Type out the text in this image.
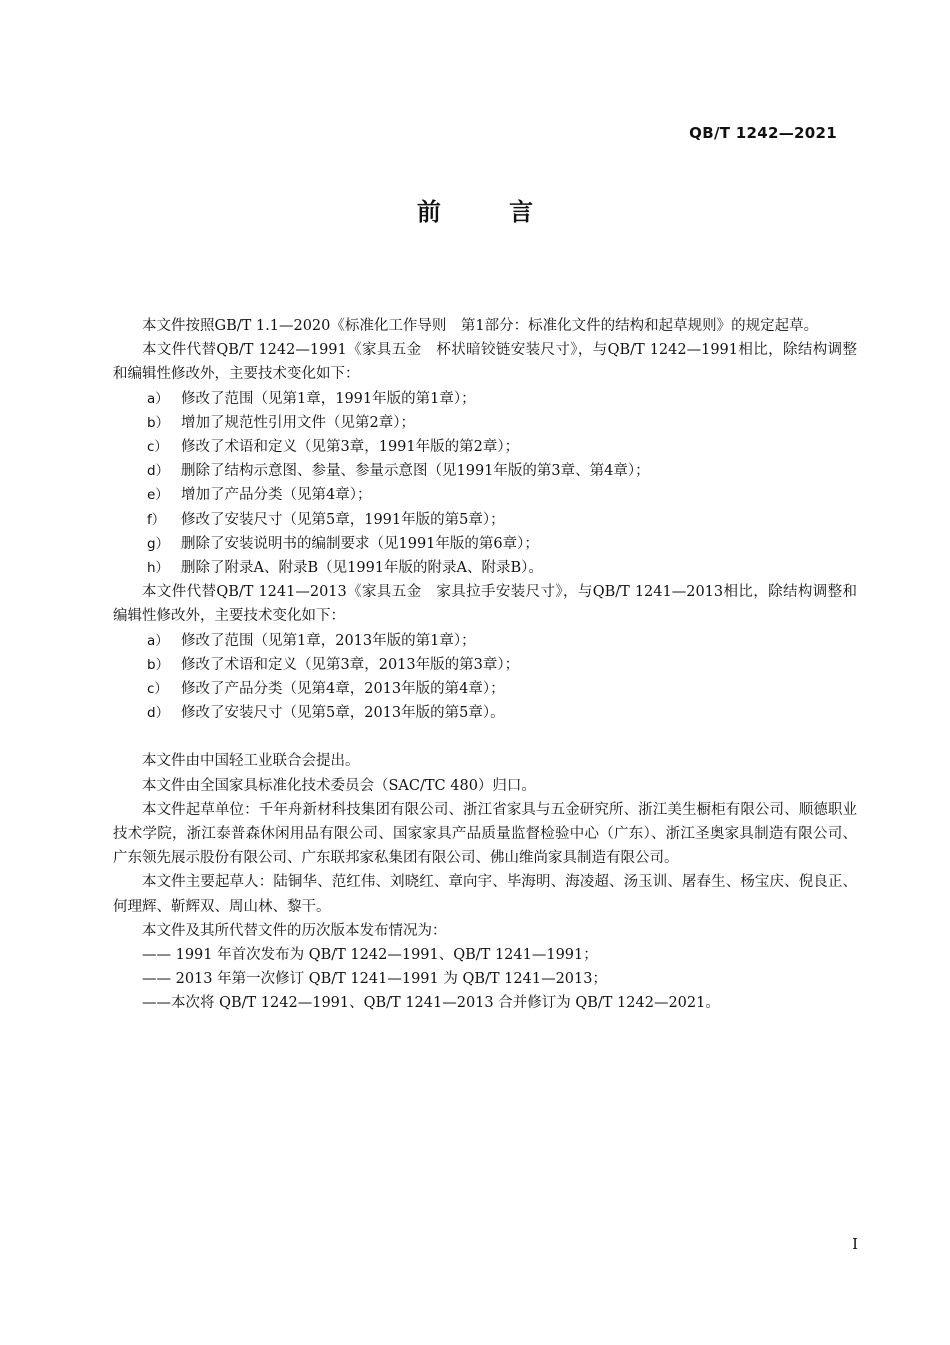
QB/T 1242—2021
前 言

本文件按照GB/T 1.1—2020《标准化工作导则　第1部分：标准化文件的结构和起草规则》的规定起草。

本文件代替QB/T 1242—1991《家具五金　杯状暗铰链安装尺寸》，与QB/T 1242—1991相比，除结构调整和编辑性修改外，主要技术变化如下：

a） 修改了范围（见第1章，1991年版的第1章）；

b） 增加了规范性引用文件（见第2章）；

c） 修改了术语和定义（见第3章，1991年版的第2章）；

d） 删除了结构示意图、参量、参量示意图（见1991年版的第3章、第4章）；

e） 增加了产品分类（见第4章）；

f） 修改了安装尺寸（见第5章，1991年版的第5章）；

g） 删除了安装说明书的编制要求（见1991年版的第6章）；

h） 删除了附录A、附录B（见1991年版的附录A、附录B）。

本文件代替QB/T 1241—2013《家具五金　家具拉手安装尺寸》，与QB/T 1241—2013相比，除结构调整和编辑性修改外，主要技术变化如下：

a） 修改了范围（见第1章，2013年版的第1章）；

b） 修改了术语和定义（见第3章，2013年版的第3章）；

c） 修改了产品分类（见第4章，2013年版的第4章）；

d） 修改了安装尺寸（见第5章，2013年版的第5章）。

本文件由中国轻工业联合会提出。

本文件由全国家具标准化技术委员会（SAC/TC 480）归口。

本文件起草单位：千年舟新材科技集团有限公司、浙江省家具与五金研究所、浙江美生橱柜有限公司、顺德职业技术学院，浙江泰普森休闲用品有限公司、国家家具产品质量监督检验中心（广东）、浙江圣奥家具制造有限公司、广东领先展示股份有限公司、广东联邦家私集团有限公司、佛山维尚家具制造有限公司。

本文件主要起草人：陆铜华、范红伟、刘晓红、章向宇、毕海明、海凌超、汤玉训、屠春生、杨宝庆、倪良正、何理辉、靳辉双、周山林、黎干。

本文件及其所代替文件的历次版本发布情况为：

—— 1991 年首次发布为 QB/T 1242—1991、QB/T 1241—1991；

—— 2013 年第一次修订 QB/T 1241—1991 为 QB/T 1241—2013；

——本次将 QB/T 1242—1991、QB/T 1241—2013 合并修订为 QB/T 1242—2021。

I
